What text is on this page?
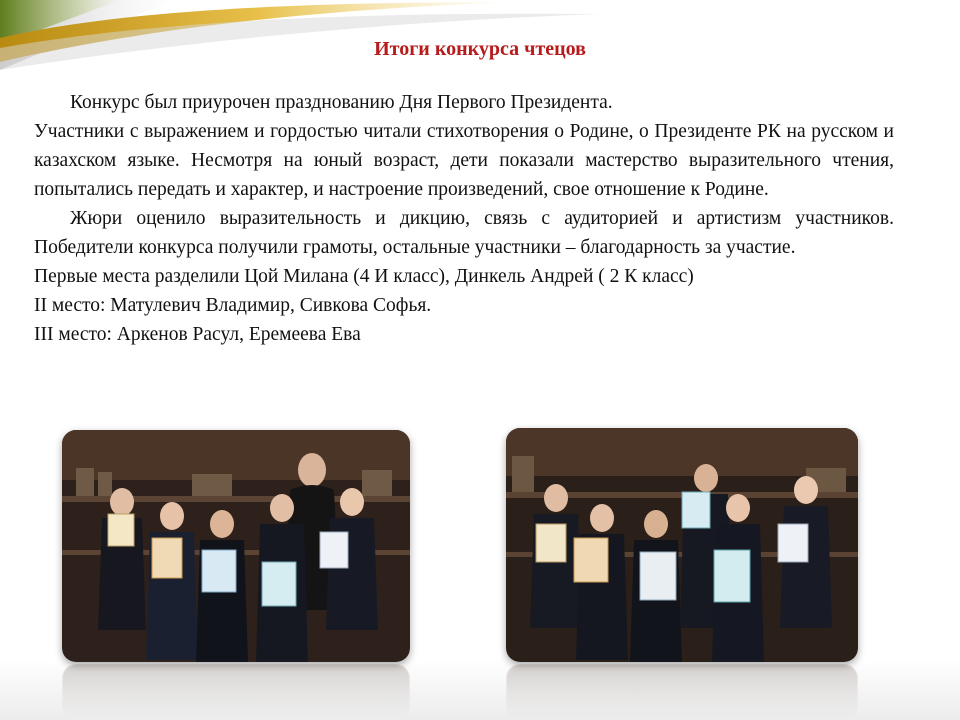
Итоги конкурса чтецов

Конкурс был приурочен празднованию Дня Первого Президента.

Участники с выражением и гордостью читали стихотворения о Родине, о Президенте РК на русском и казахском языке. Несмотря на юный возраст, дети показали мастерство выразительного чтения, попытались передать и характер, и настроение произведений, свое отношение к Родине.

Жюри оценило выразительность и дикцию, связь с аудиторией и артистизм участников. Победители конкурса получили грамоты, остальные участники – благодарность за участие.

Первые места разделили Цой Милана (4 И класс), Динкель Андрей ( 2 К класс)

II место: Матулевич Владимир, Сивкова Софья.

III место: Аркенов Расул, Еремеева Ева
